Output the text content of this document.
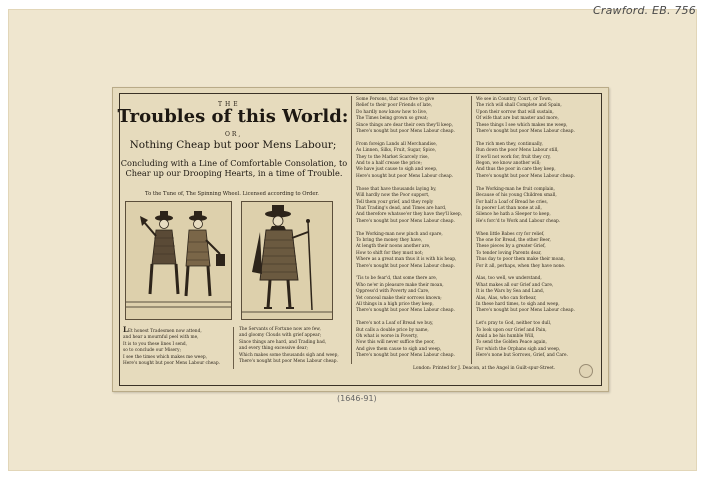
Crawford. EB. 756
(1646-91)
THE
Troubles of this World:
OR,
Nothing Cheap but poor Mens Labour;
Concluding with a Line of Comfortable Consolation, to
Chear up our Drooping Hearts, in a time of Trouble.
To the Tune of, The Spinning Wheel. Licensed according to Order.
LEt honest Tradesmen now attend,
and hear a mournful peel with me,
It is to you these lines I send,
so to conclude our Misery;
I see the times which makes me weep,
Here's nought but poor Mens Labour cheap.
The Servants of Fortune now are few,
and gloomy Clouds with grief appear;
Since things are hard, and Trading bad,
and every thing excessive dear;
Which makes some thousands sigh and weep,
There's nought but poor Mens Labour cheap.
Some Persons, that was free to give
Relief to their poor Friends of late,
Do hardly now know how to live,
The Times being grown so great;
Since things are dear their own they'll keep,
There's nought but poor Mens Labour cheap.

From foreign Lands all Merchandise,
As Linnen, Silks, Fruit, Sugar, Spice,
They to the Market Scarcely rise,
And to a half crease the price;
We have just cause to sigh and weep,
Here's nought but poor Mens Labour cheap.

Those that have thousands laying by,
Will hardly now the Poor support,
Tell them your grief, and they reply
That Trading's dead, and Times are hard,
And therefore whatsoe'er they have they'll keep,
There's nought but poor Mens Labour cheap.

The Working-man now pinch and spare,
To bring the money they have,
At length their noons another are,
How to shift for they must not;
Where as a great man thus it is with his heap,
There's nought but poor Mens Labour cheap.

'Tis to be fear'd, that some there are,
Who ne'er in pleasure make their moan,
Oppress'd with Poverty and Care,
Yet conceal make their sorrows known;
All things in a high price they keep,
There's nought but poor Mens Labour cheap.

There's not a Loaf of Bread we buy,
But calls a double price by name,
Oh what is worse in Poverty,
Now this will never suffice the poor,
And give them cause to sigh and weep,
There's nought but poor Mens Labour cheap.
We see in Country, Court, or Town,
The rich will shall Complete and Spain,
Upon their sorrow that will sustain,
Of wife that are but master and more,
These things I see which makes me weep,
There's nought but poor Mens Labour cheap.

The rich men they, continually,
Run down the poor Mens Labour still,
If we'll not work for, fruit they cry,
Begon, we know another will;
And thus the poor in care they keep,
There's nought but poor Mens Labour cheap.

The Working-man he fruit complain,
Because of his young Children small,
For half a Loaf of Bread he cries,
In poorer Lot than none at all,
Silence he hath a Sleeper to keep,
He's forc'd to Work and Labour cheap.

When little Babes cry for relief,
The one for Bread, the other Beer,
These pieces by a greater Grief,
To tender loving Parents dear,
Thus day to poor them make their moan,
For it all, perhaps, when they have none.

Alas, too well, we understand,
What makes all our Grief and Care,
It is the Wars by Sea and Land,
Alas, Alas, who can forbear,
In these hard times, to sigh and weep,
There's nought but poor Mens Labour cheap.

Let's pray to God, neither too dull,
To look upon our Grief and Pain,
Amid a be his humble Will,
To send the Golden Peace again,
For which the Orphans sigh and weep,
Here's none but Sorrows, Grief, and Care.
London: Printed for J. Deacon, at the Angel in Guilt-spur-Street.
